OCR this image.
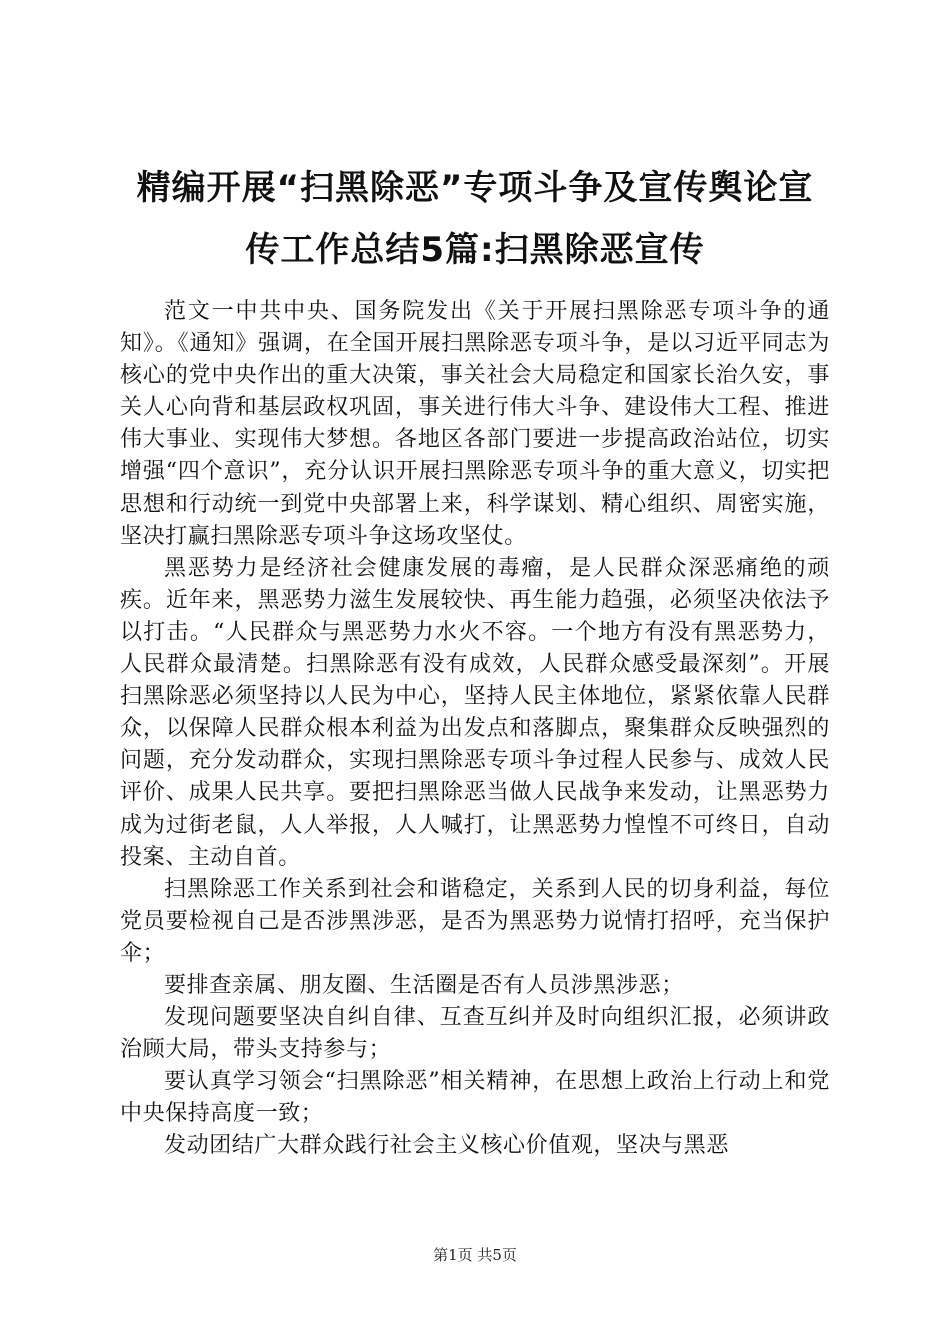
精编开展“扫黑除恶”专项斗争及宣传舆论宣
传工作总结5篇:扫黑除恶宣传

范文一中共中央、国务院发出《关于开展扫黑除恶专项斗争的通知》。《通知》强调，在全国开展扫黑除恶专项斗争，是以习近平同志为核心的党中央作出的重大决策，事关社会大局稳定和国家长治久安，事关人心向背和基层政权巩固，事关进行伟大斗争、建设伟大工程、推进伟大事业、实现伟大梦想。各地区各部门要进一步提高政治站位，切实增强“四个意识”，充分认识开展扫黑除恶专项斗争的重大意义，切实把思想和行动统一到党中央部署上来，科学谋划、精心组织、周密实施，坚决打赢扫黑除恶专项斗争这场攻坚仗。

黑恶势力是经济社会健康发展的毒瘤，是人民群众深恶痛绝的顽疾。近年来，黑恶势力滋生发展较快、再生能力趋强，必须坚决依法予以打击。“人民群众与黑恶势力水火不容。一个地方有没有黑恶势力，人民群众最清楚。扫黑除恶有没有成效，人民群众感受最深刻”。开展扫黑除恶必须坚持以人民为中心，坚持人民主体地位，紧紧依靠人民群众，以保障人民群众根本利益为出发点和落脚点，聚集群众反映强烈的问题，充分发动群众，实现扫黑除恶专项斗争过程人民参与、成效人民评价、成果人民共享。要把扫黑除恶当做人民战争来发动，让黑恶势力成为过街老鼠，人人举报，人人喊打，让黑恶势力惶惶不可终日，自动投案、主动自首。

扫黑除恶工作关系到社会和谐稳定，关系到人民的切身利益，每位党员要检视自己是否涉黑涉恶，是否为黑恶势力说情打招呼，充当保护伞；

要排查亲属、朋友圈、生活圈是否有人员涉黑涉恶；

发现问题要坚决自纠自律、互查互纠并及时向组织汇报，必须讲政治顾大局，带头支持参与；

要认真学习领会“扫黑除恶”相关精神，在思想上政治上行动上和党中央保持高度一致；

发动团结广大群众践行社会主义核心价值观，坚决与黑恶

第1页 共5页
